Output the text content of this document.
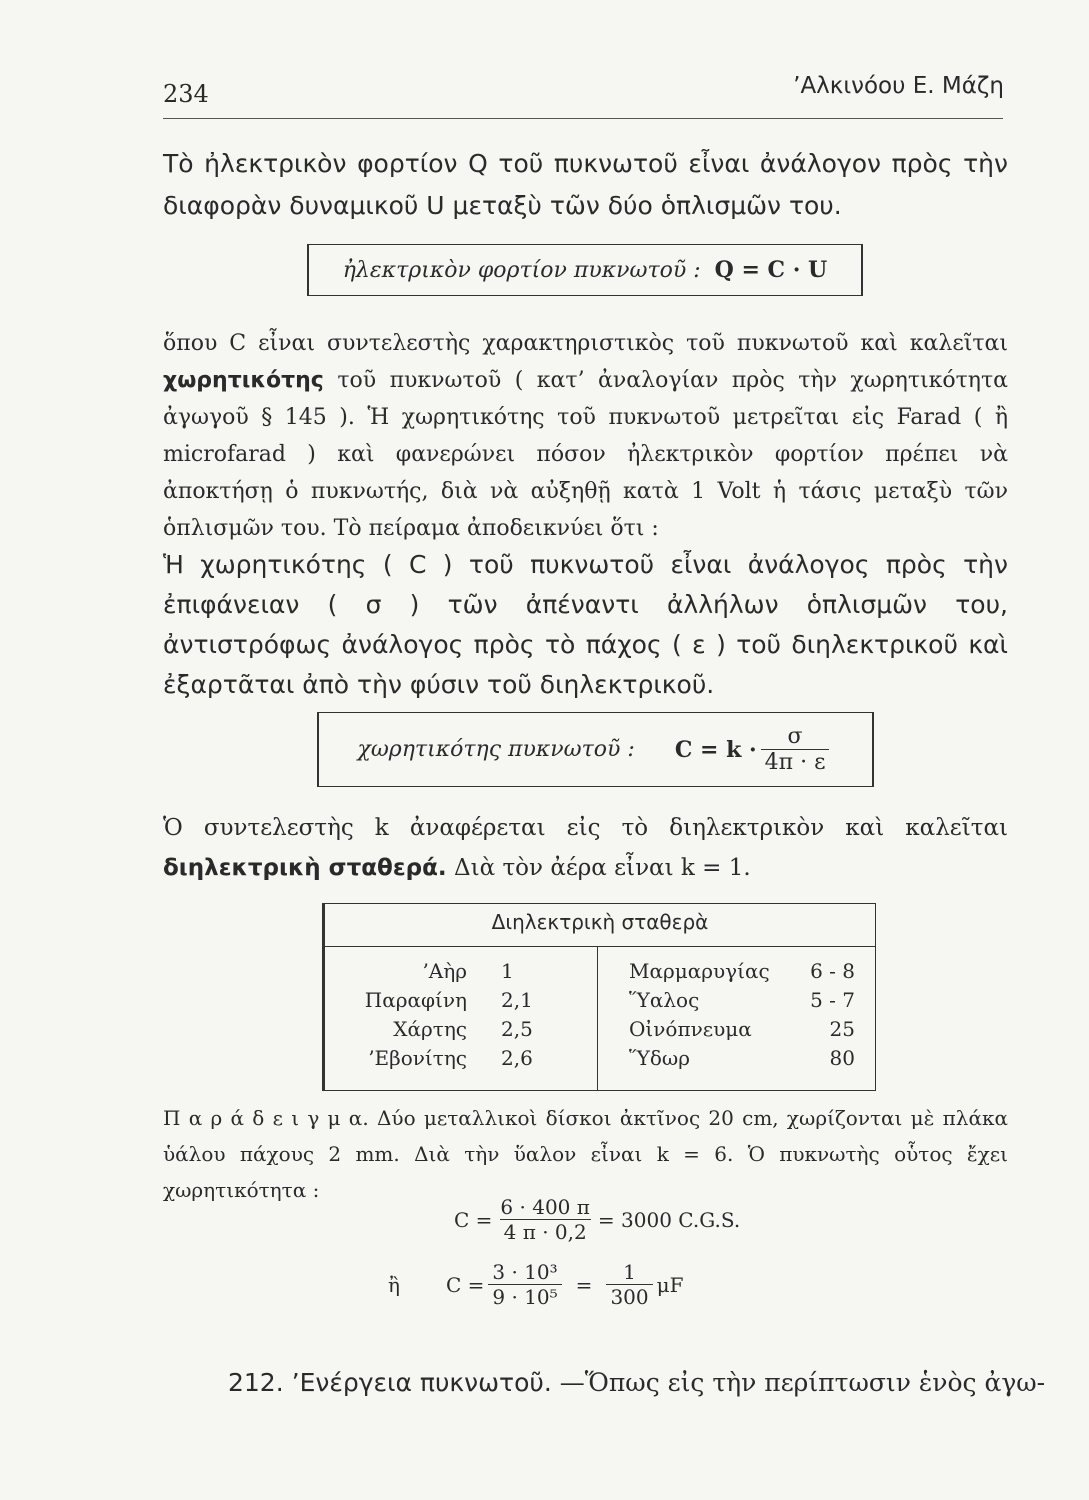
234	’Αλκινόου Ε. Μάζη
Τὸ ἠλεκτρικὸν φορτίον Q τοῦ πυκνωτοῦ εἶναι ἀνάλογον πρὸς τὴν διαφορὰν δυναμικοῦ U μεταξὺ τῶν δύο ὁπλισμῶν του.
ἠλεκτρικὸν φορτίον πυκνωτοῦ : Q = C · U
ὅπου C εἶναι συντελεστὴς χαρακτηριστικὸς τοῦ πυκνωτοῦ καὶ καλεῖται χωρητικότης τοῦ πυκνωτοῦ ( κατ’ ἀναλογίαν πρὸς τὴν χωρητικότητα ἀγωγοῦ § 145 ). Ἡ χωρητικότης τοῦ πυκνωτοῦ μετρεῖται εἰς Farad ( ἢ microfarad ) καὶ φανερώνει πόσον ἠλεκτρικὸν φορτίον πρέπει νὰ ἀποκτήσῃ ὁ πυκνωτής, διὰ νὰ αὐξηθῇ κατὰ 1 Volt ἡ τάσις μεταξὺ τῶν ὁπλισμῶν του. Τὸ πείραμα ἀποδεικνύει ὅτι :
Ἡ χωρητικότης ( C ) τοῦ πυκνωτοῦ εἶναι ἀνάλογος πρὸς τὴν ἐπιφάνειαν ( σ ) τῶν ἀπέναντι ἀλλήλων ὁπλισμῶν του, ἀντιστρόφως ἀνάλογος πρὸς τὸ πάχος ( ε ) τοῦ διηλεκτρικοῦ καὶ ἐξαρτᾶται ἀπὸ τὴν φύσιν τοῦ διηλεκτρικοῦ.
χωρητικότης πυκνωτοῦ : $C = k \cdot \frac{\sigma}{4\pi \cdot \varepsilon}$
Ὁ συντελεστὴς k ἀναφέρεται εἰς τὸ διηλεκτρικὸν καὶ καλεῖται διηλεκτρικὴ σταθερά. Διὰ τὸν ἀέρα εἶναι k = 1.
Διηλεκτρικὴ σταθερὰ
’Αὴρ
Παραφίνη
Χάρτης
’Εβονίτης
1
2,1
2,5
2,6
Μαρμαρυγίας
Ὕαλος
Οἰνόπνευμα
Ὕδωρ
6 - 8
5 - 7
25
80
Π α ρ ά δ ε ι γ μ α. Δύο μεταλλικοὶ δίσκοι ἀκτῖνος 20 cm, χωρίζονται μὲ πλάκα ὑάλου πάχους 2 mm. Διὰ τὴν ὕαλον εἶναι k = 6. Ὁ πυκνωτὴς οὗτος ἔχει χωρητικότητα :
$C = \frac{6 \cdot 400 \pi}{4 \pi \cdot 0,2} = 3000$ C.G.S.
ἢ $C = \frac{\text{3 · 10³}}{\text{9 · 10⁵}} = \frac{1}{300}$ μF
212. ’Ενέργεια πυκνωτοῦ. —Ὅπως εἰς τὴν περίπτωσιν ἑνὸς ἀγω-
